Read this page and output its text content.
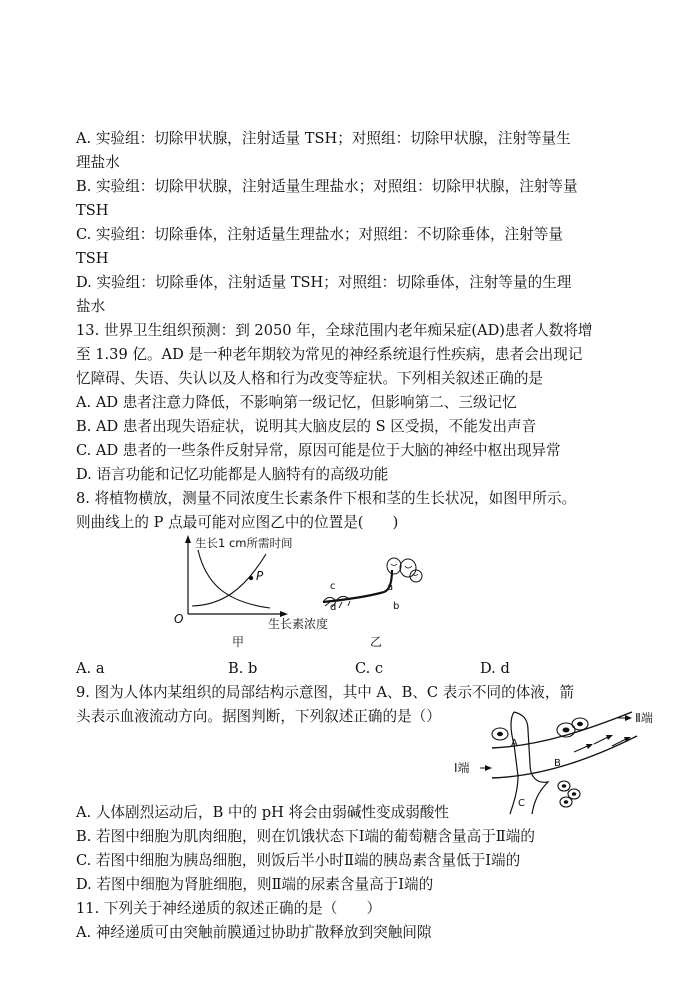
A. 实验组：切除甲状腺，注射适量 TSH；对照组：切除甲状腺，注射等量生
理盐水
B. 实验组：切除甲状腺，注射适量生理盐水；对照组：切除甲状腺，注射等量
TSH
C. 实验组：切除垂体，注射适量生理盐水；对照组：不切除垂体，注射等量
TSH
D. 实验组：切除垂体，注射适量 TSH；对照组：切除垂体，注射等量的生理
盐水
13. 世界卫生组织预测：到 2050 年，全球范围内老年痴呆症(AD)患者人数将增
至 1.39 亿。AD 是一种老年期较为常见的神经系统退行性疾病，患者会出现记
忆障碍、失语、失认以及人格和行为改变等症状。下列相关叙述正确的是
A. AD 患者注意力降低，不影响第一级记忆，但影响第二、三级记忆
B. AD 患者出现失语症状，说明其大脑皮层的 S 区受损，不能发出声音
C. AD 患者的一些条件反射异常，原因可能是位于大脑的神经中枢出现异常
D. 语言功能和记忆功能都是人脑特有的高级功能
8. 将植物横放，测量不同浓度生长素条件下根和茎的生长状况，如图甲所示。
则曲线上的 P 点最可能对应图乙中的位置是(　　)
生长1 cm所需时间
生长素浓度
O
P
甲
c
d
a
b
乙
A. a	B. b	C. c	D. d
9. 图为人体内某组织的局部结构示意图，其中 A、B、C 表示不同的体液，箭
头表示血液流动方向。据图判断，下列叙述正确的是（）
A
B
C
Ⅰ端
Ⅱ端
A. 人体剧烈运动后，B 中的 pH 将会由弱碱性变成弱酸性
B. 若图中细胞为肌肉细胞，则在饥饿状态下Ⅰ端的葡萄糖含量高于Ⅱ端的
C. 若图中细胞为胰岛细胞，则饭后半小时Ⅱ端的胰岛素含量低于Ⅰ端的
D. 若图中细胞为肾脏细胞，则Ⅱ端的尿素含量高于Ⅰ端的
11. 下列关于神经递质的叙述正确的是（　　）
A. 神经递质可由突触前膜通过协助扩散释放到突触间隙
